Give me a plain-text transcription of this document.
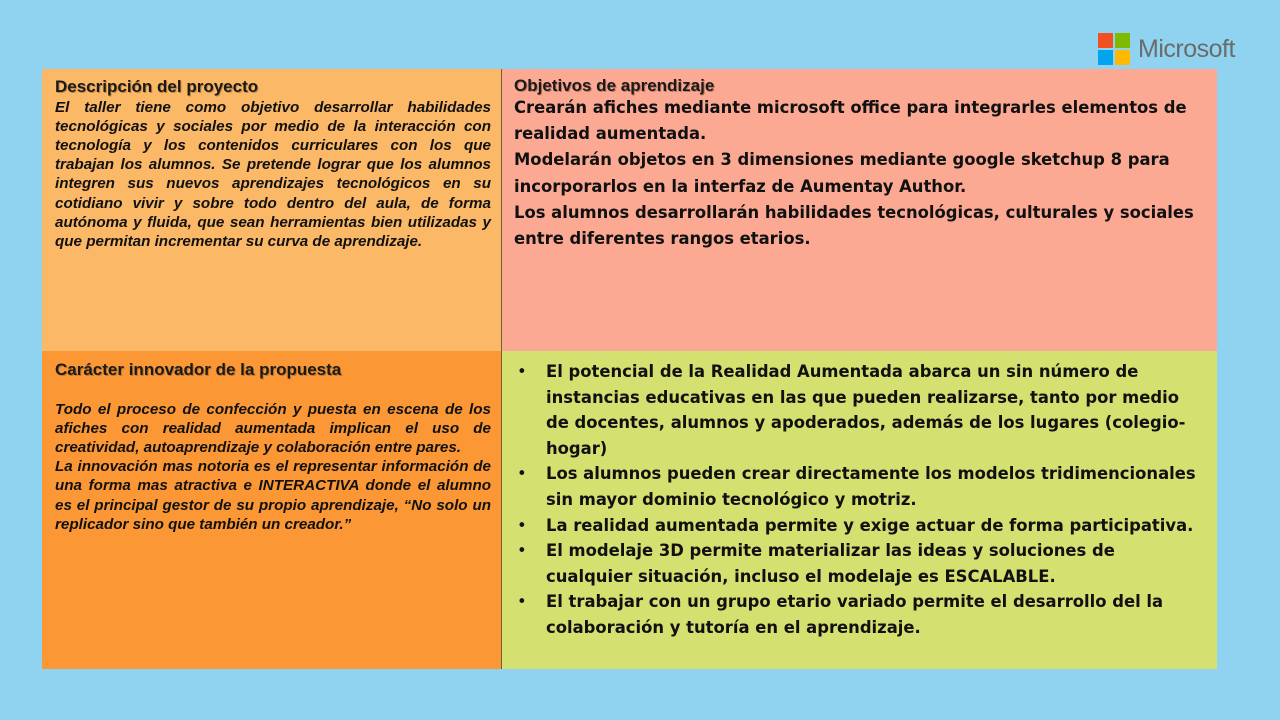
Microsoft
Descripción del proyecto

El taller tiene como objetivo desarrollar habilidades tecnológicas y sociales por medio de la interacción con tecnología y los contenidos curriculares con los que trabajan los alumnos. Se pretende lograr que los alumnos integren sus nuevos aprendizajes tecnológicos en su cotidiano vivir y sobre todo dentro del aula, de forma autónoma y fluida, que sean herramientas bien utilizadas y que permitan incrementar su curva de aprendizaje.

Objetivos de aprendizaje

Crearán afiches mediante microsoft office para integrarles elementos de realidad aumentada.

Modelarán objetos en 3 dimensiones mediante google sketchup 8 para incorporarlos en la interfaz de Aumentay Author.

Los alumnos desarrollarán habilidades tecnológicas, culturales y sociales entre diferentes rangos etarios.

Carácter innovador de la propuesta

Todo el proceso de confección y puesta en escena de los afiches con realidad aumentada implican el uso de creatividad, autoaprendizaje y colaboración entre pares.

La innovación mas notoria es el representar información de una forma mas atractiva e INTERACTIVA donde el alumno es el principal gestor de su propio aprendizaje, “No solo un replicador sino que también un creador.”

• El potencial de la Realidad Aumentada abarca un sin número de instancias educativas en las que pueden realizarse, tanto por medio de docentes, alumnos y apoderados, además de los lugares (colegio-hogar)
• Los alumnos pueden crear directamente los modelos tridimencionales sin mayor dominio tecnológico y motriz.
• La realidad aumentada permite y exige actuar de forma participativa.
• El modelaje 3D permite materializar las ideas y soluciones de cualquier situación, incluso el modelaje es ESCALABLE.
• El trabajar con un grupo etario variado permite el desarrollo del la colaboración y tutoría en el aprendizaje.
